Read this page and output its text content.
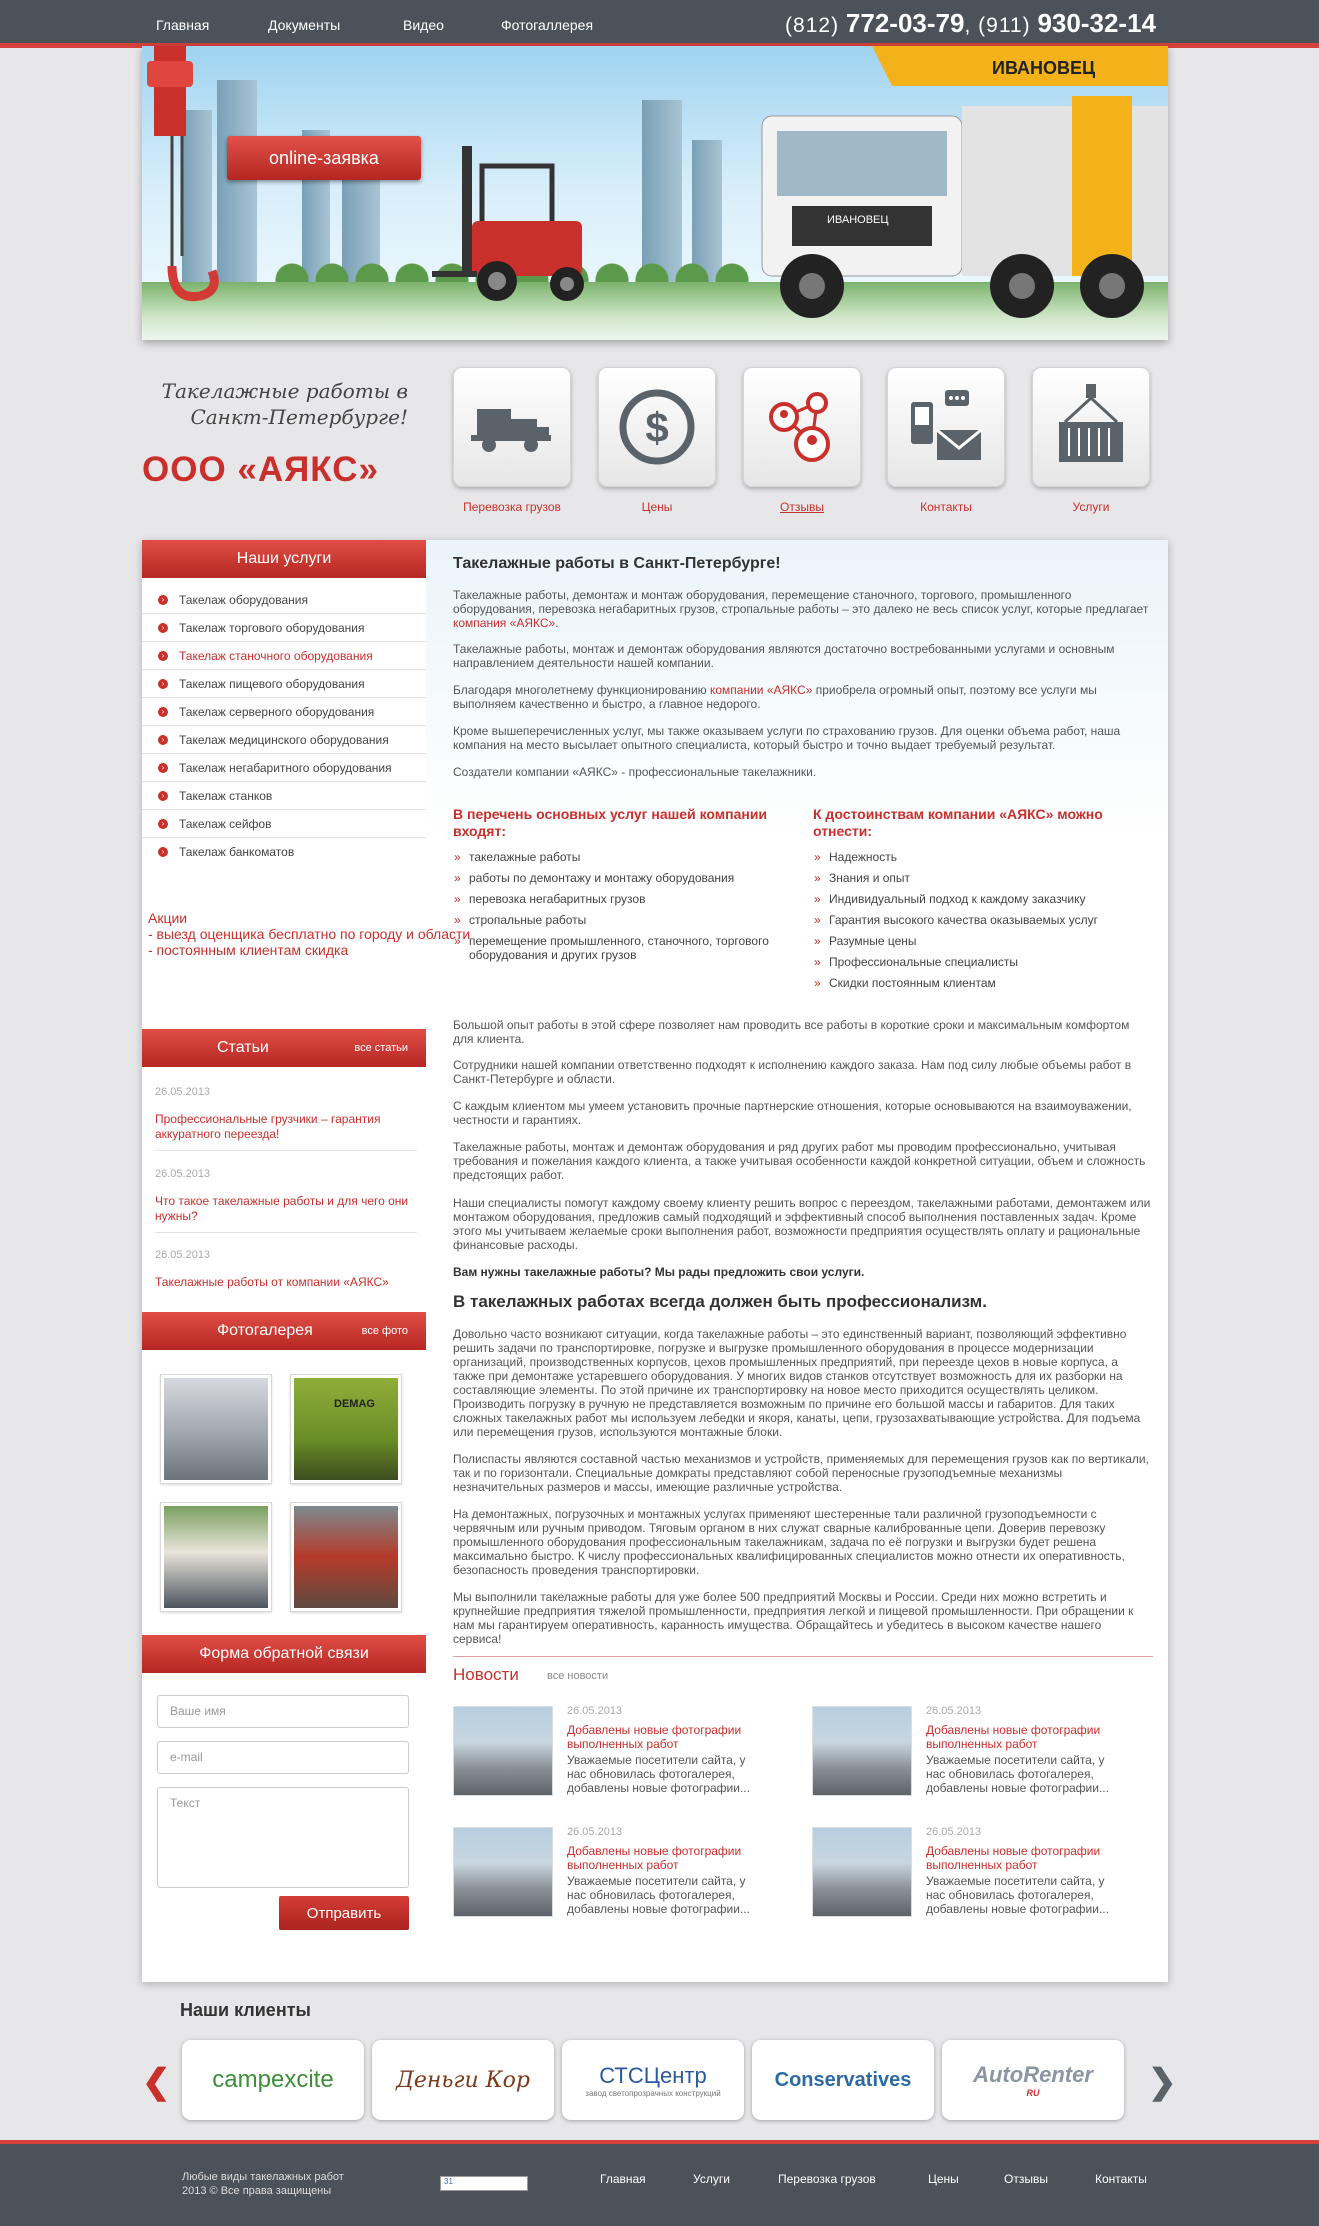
Главная	Документы	Видео	Фотогаллерея	(812) 772-03-79, (911) 930-32-14
ИВАНОВЕЦ
ИВАНОВЕЦ
online-заявка
Такелажные работы в Санкт-Петербурге!
ООО «АЯКС»
$
Перевозка грузов	Цены	Отзывы	Контакты	Услуги
Наши услуги
›	Такелаж оборудования
›	Такелаж торгового оборудования
›	Такелаж станочного оборудования
›	Такелаж пищевого оборудования
›	Такелаж серверного оборудования
›	Такелаж медицинского оборудования
›	Такелаж негабаритного оборудования
›	Такелаж станков
›	Такелаж сейфов
›	Такелаж банкоматов
Статьи	все статьи
26.05.2013
Профессиональные грузчики – гарантия аккуратного переезда!
26.05.2013
Что такое такелажные работы и для чего они нужны?
26.05.2013
Такелажные работы от компании «АЯКС»
Фотогалерея	все фото
DEMAG
Форма обратной связи
Ваше имя
e-mail
Текст
Отправить
Такелажные работы в Санкт-Петербурге!
Такелажные работы, демонтаж и монтаж оборудования, перемещение станочного, торгового, промышленного оборудования, перевозка негабаритных грузов, стропальные работы – это далеко не весь список услуг, которые предлагает компания «АЯКС».
Такелажные работы, монтаж и демонтаж оборудования являются достаточно востребованными услугами и основным направлением деятельности нашей компании.
Благодаря многолетнему функционированию компании «АЯКС» приобрела огромный опыт, поэтому все услуги мы выполняем качественно и быстро, а главное недорого.
Кроме вышеперечисленных услуг, мы также оказываем услуги по страхованию грузов. Для оценки объема работ, наша компания на место высылает опытного специалиста, который быстро и точно выдает требуемый результат.
Создатели компании «АЯКС» - профессиональные такелажники.
В перечень основных услуг нашей компании входят:
» такелажные работы
» работы по демонтажу и монтажу оборудования
» перевозка негабаритных грузов
» стропальные работы
» перемещение промышленного, станочного, торгового оборудования и других грузов
К достоинствам компании «АЯКС» можно отнести:
» Надежность
» Знания и опыт
» Индивидуальный подход к каждому заказчику
» Гарантия высокого качества оказываемых услуг
» Разумные цены
» Профессиональные специалисты
» Скидки постоянным клиентам
Большой опыт работы в этой сфере позволяет нам проводить все работы в короткие сроки и максимальным комфортом для клиента.
Сотрудники нашей компании ответственно подходят к исполнению каждого заказа. Нам под силу любые объемы работ в Санкт-Петербурге и области.
С каждым клиентом мы умеем установить прочные партнерские отношения, которые основываются на взаимоуважении, честности и гарантиях.
Такелажные работы, монтаж и демонтаж оборудования и ряд других работ мы проводим профессионально, учитывая требования и пожелания каждого клиента, а также учитывая особенности каждой конкретной ситуации, объем и сложность предстоящих работ.
Наши специалисты помогут каждому своему клиенту решить вопрос с переездом, такелажными работами, демонтажем или монтажом оборудования, предложив самый подходящий и эффективный способ выполнения поставленных задач. Кроме этого мы учитываем желаемые сроки выполнения работ, возможности предприятия осуществлять оплату и рациональные финансовые расходы.
Вам нужны такелажные работы? Мы рады предложить свои услуги.
В такелажных работах всегда должен быть профессионализм.
Довольно часто возникают ситуации, когда такелажные работы – это единственный вариант, позволяющий эффективно решить задачи по транспортировке, погрузке и выгрузке промышленного оборудования в процессе модернизации организаций, производственных корпусов, цехов промышленных предприятий, при переезде цехов в новые корпуса, а также при демонтаже устаревшего оборудования. У многих видов станков отсутствует возможность для их разборки на составляющие элементы. По этой причине их транспортировку на новое место приходится осуществлять целиком. Производить погрузку в ручную не представляется возможным по причине его большой массы и габаритов. Для таких сложных такелажных работ мы используем лебедки и якоря, канаты, цепи, грузозахватывающие устройства. Для подъема или перемещения грузов, используются монтажные блоки.
Полиспасты являются составной частью механизмов и устройств, применяемых для перемещения грузов как по вертикали, так и по горизонтали. Специальные домкраты представляют собой переносные грузоподъемные механизмы незначительных размеров и массы, имеющие различные устройства.
На демонтажных, погрузочных и монтажных услугах применяют шестеренные тали различной грузоподъемности с червячным или ручным приводом. Тяговым органом в них служат сварные калиброванные цепи. Доверив перевозку промышленного оборудования профессиональным такелажникам, задача по её погрузки и выгрузки будет решена максимально быстро. К числу профессиональных квалифицированных специалистов можно отнести их оперативность, безопасность проведения транспортировки.
Мы выполнили такелажные работы для уже более 500 предприятий Москвы и России. Среди них можно встретить и крупнейшие предприятия тяжелой промышленности, предприятия легкой и пищевой промышленности. При обращении к нам мы гарантируем оперативность, каранность имущества. Обращайтесь и убедитесь в высоком качестве нашего сервиса!
Новости	все новости
26.05.2013
Добавлены новые фотографии выполненных работ
Уважаемые посетители сайта, у нас обновилась фотогалерея, добавлены новые фотографии...
26.05.2013
Добавлены новые фотографии выполненных работ
Уважаемые посетители сайта, у нас обновилась фотогалерея, добавлены новые фотографии...
26.05.2013
Добавлены новые фотографии выполненных работ
Уважаемые посетители сайта, у нас обновилась фотогалерея, добавлены новые фотографии...
26.05.2013
Добавлены новые фотографии выполненных работ
Уважаемые посетители сайта, у нас обновилась фотогалерея, добавлены новые фотографии...
Акции
- выезд оценщика бесплатно по городу и области
- постоянным клиентам скидка
Наши клиенты
❮	❯
campexcite	Деньги Кор	СТСЦентр
завод светопрозрачных конструкций
Conservatives	AutoRenter
RU
Любые виды такелажных работ
2013 © Все права защищены
31	Главная	Услуги	Перевозка грузов	Цены	Отзывы	Контакты
